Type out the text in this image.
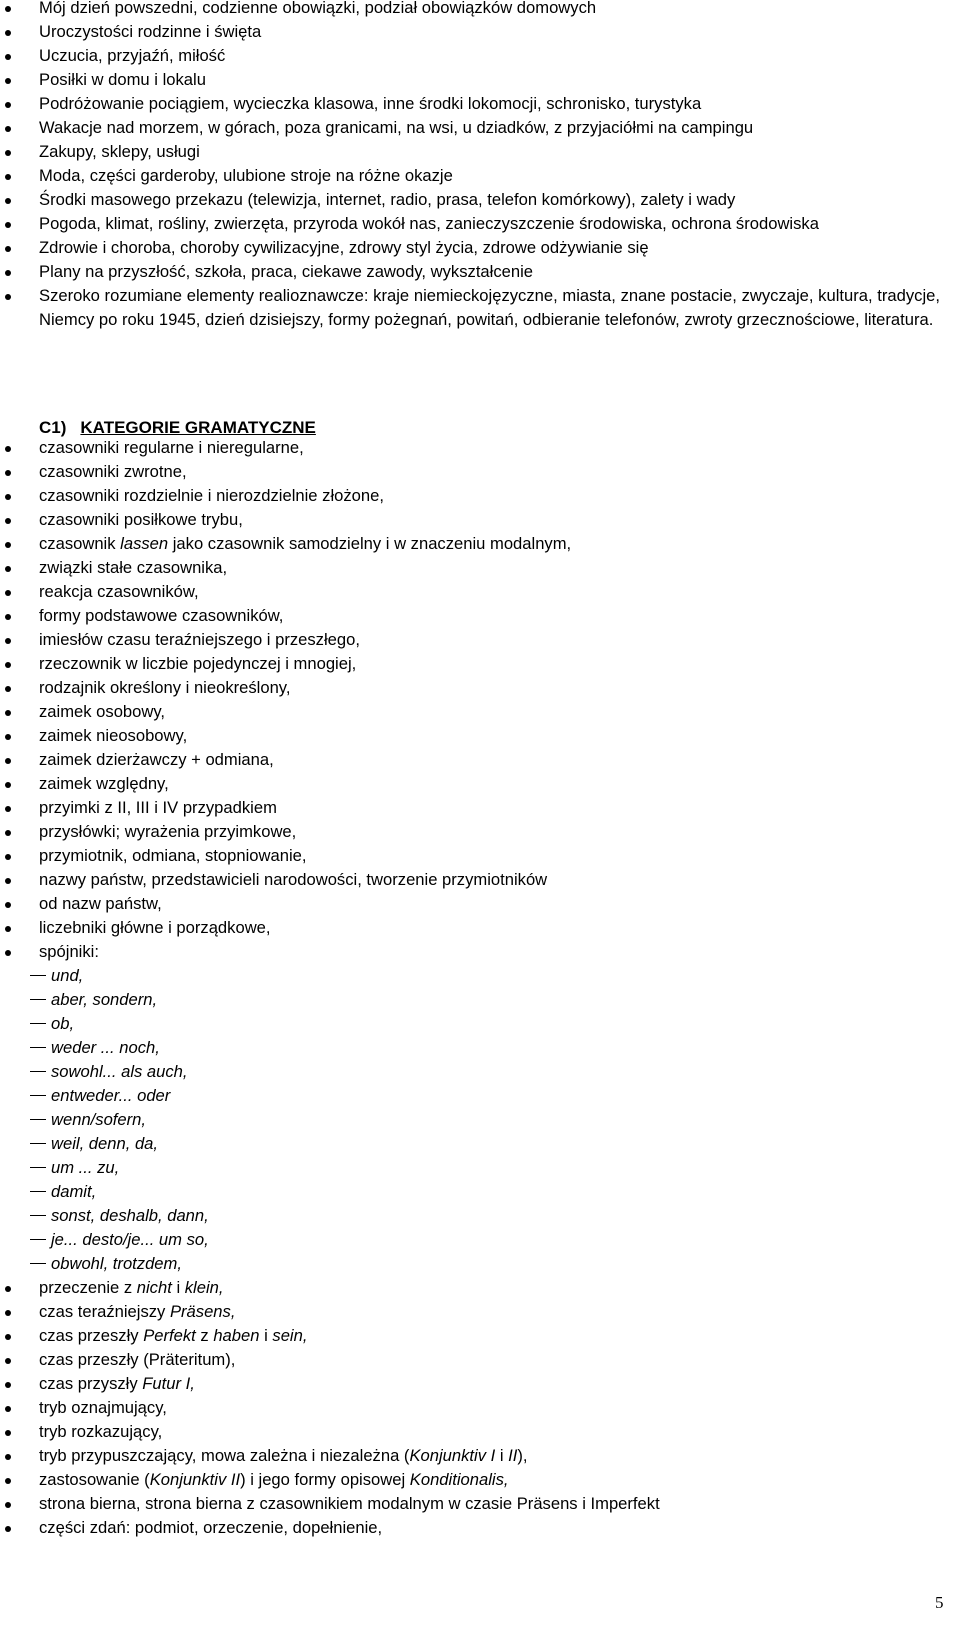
Mój dzień powszedni, codzienne obowiązki, podział obowiązków domowych
Uroczystości rodzinne i święta
Uczucia, przyjaźń, miłość
Posiłki w domu i lokalu
Podróżowanie pociągiem, wycieczka klasowa, inne środki lokomocji, schronisko, turystyka
Wakacje nad morzem, w górach, poza granicami, na wsi, u dziadków, z przyjaciółmi na campingu
Zakupy, sklepy, usługi
Moda, części garderoby, ulubione stroje na różne okazje
Środki masowego przekazu (telewizja, internet, radio, prasa, telefon komórkowy), zalety i wady
Pogoda, klimat, rośliny, zwierzęta, przyroda wokół nas, zanieczyszczenie środowiska, ochrona środowiska
Zdrowie i choroba, choroby cywilizacyjne, zdrowy styl życia, zdrowe odżywianie się
Plany na przyszłość, szkoła, praca, ciekawe zawody, wykształcenie
Szeroko rozumiane elementy realioznawcze: kraje niemieckojęzyczne, miasta, znane postacie, zwyczaje, kultura, tradycje, Niemcy po roku 1945, dzień dzisiejszy, formy pożegnań, powitań, odbieranie telefonów, zwroty grzecznościowe, literatura.
C1) KATEGORIE GRAMATYCZNE
czasowniki regularne i nieregularne,
czasowniki zwrotne,
czasowniki rozdzielnie i nierozdzielnie złożone,
czasowniki posiłkowe trybu,
czasownik lassen jako czasownik samodzielny i w znaczeniu modalnym,
związki stałe czasownika,
reakcja czasowników,
formy podstawowe czasowników,
imiesłów czasu teraźniejszego i przeszłego,
rzeczownik w liczbie pojedynczej i mnogiej,
rodzajnik określony i nieokreślony,
zaimek osobowy,
zaimek nieosobowy,
zaimek dzierżawczy + odmiana,
zaimek względny,
przyimki z II, III i IV przypadkiem
przysłówki; wyrażenia przyimkowe,
przymiotnik, odmiana, stopniowanie,
nazwy państw, przedstawicieli narodowości, tworzenie przymiotników
od nazw państw,
liczebniki główne i porządkowe,
spójniki:
und,
aber, sondern,
ob,
weder ... noch,
sowohl... als auch,
entweder... oder
wenn/sofern,
weil, denn, da,
um ... zu,
damit,
sonst, deshalb, dann,
je... desto/je... um so,
obwohl, trotzdem,
przeczenie z nicht i klein,
czas teraźniejszy Präsens,
czas przeszły Perfekt z haben i sein,
czas przeszły (Präteritum),
czas przyszły Futur I,
tryb oznajmujący,
tryb rozkazujący,
tryb przypuszczający, mowa zależna i niezależna (Konjunktiv I i II),
zastosowanie (Konjunktiv II) i jego formy opisowej Konditionalis,
strona bierna, strona bierna z czasownikiem modalnym w czasie Präsens i Imperfekt
części zdań: podmiot, orzeczenie, dopełnienie,
5
